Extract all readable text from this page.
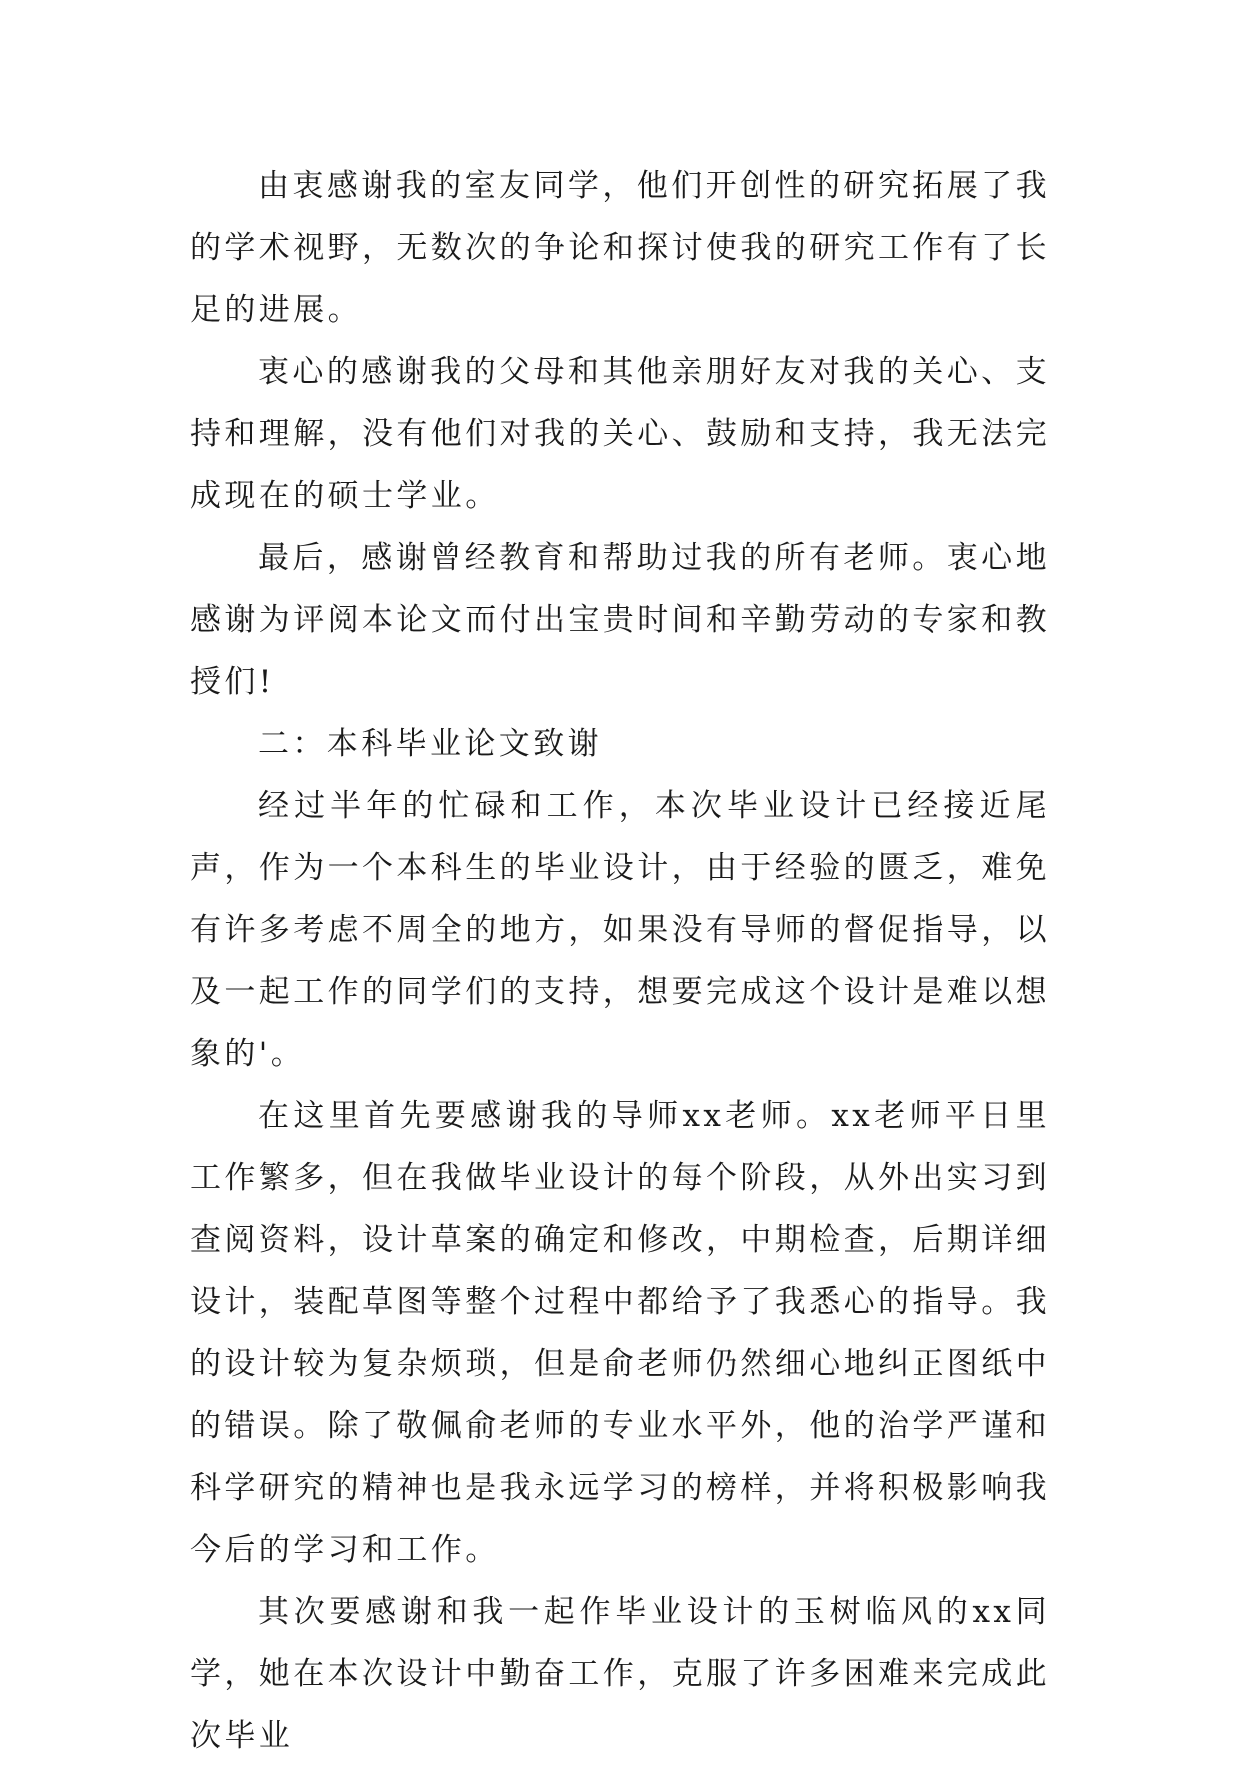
由衷感谢我的室友同学，他们开创性的研究拓展了我的学术视野，无数次的争论和探讨使我的研究工作有了长足的进展。

衷心的感谢我的父母和其他亲朋好友对我的关心、支持和理解，没有他们对我的关心、鼓励和支持，我无法完成现在的硕士学业。

最后，感谢曾经教育和帮助过我的所有老师。衷心地感谢为评阅本论文而付出宝贵时间和辛勤劳动的专家和教授们!

二：本科毕业论文致谢

经过半年的忙碌和工作，本次毕业设计已经接近尾声，作为一个本科生的毕业设计，由于经验的匮乏，难免有许多考虑不周全的地方，如果没有导师的督促指导，以及一起工作的同学们的支持，想要完成这个设计是难以想象的'。

在这里首先要感谢我的导师xx老师。xx老师平日里工作繁多，但在我做毕业设计的每个阶段，从外出实习到查阅资料，设计草案的确定和修改，中期检查，后期详细设计，装配草图等整个过程中都给予了我悉心的指导。我的设计较为复杂烦琐，但是俞老师仍然细心地纠正图纸中的错误。除了敬佩俞老师的专业水平外，他的治学严谨和科学研究的精神也是我永远学习的榜样，并将积极影响我今后的学习和工作。

其次要感谢和我一起作毕业设计的玉树临风的xx同学，她在本次设计中勤奋工作，克服了许多困难来完成此次毕业
